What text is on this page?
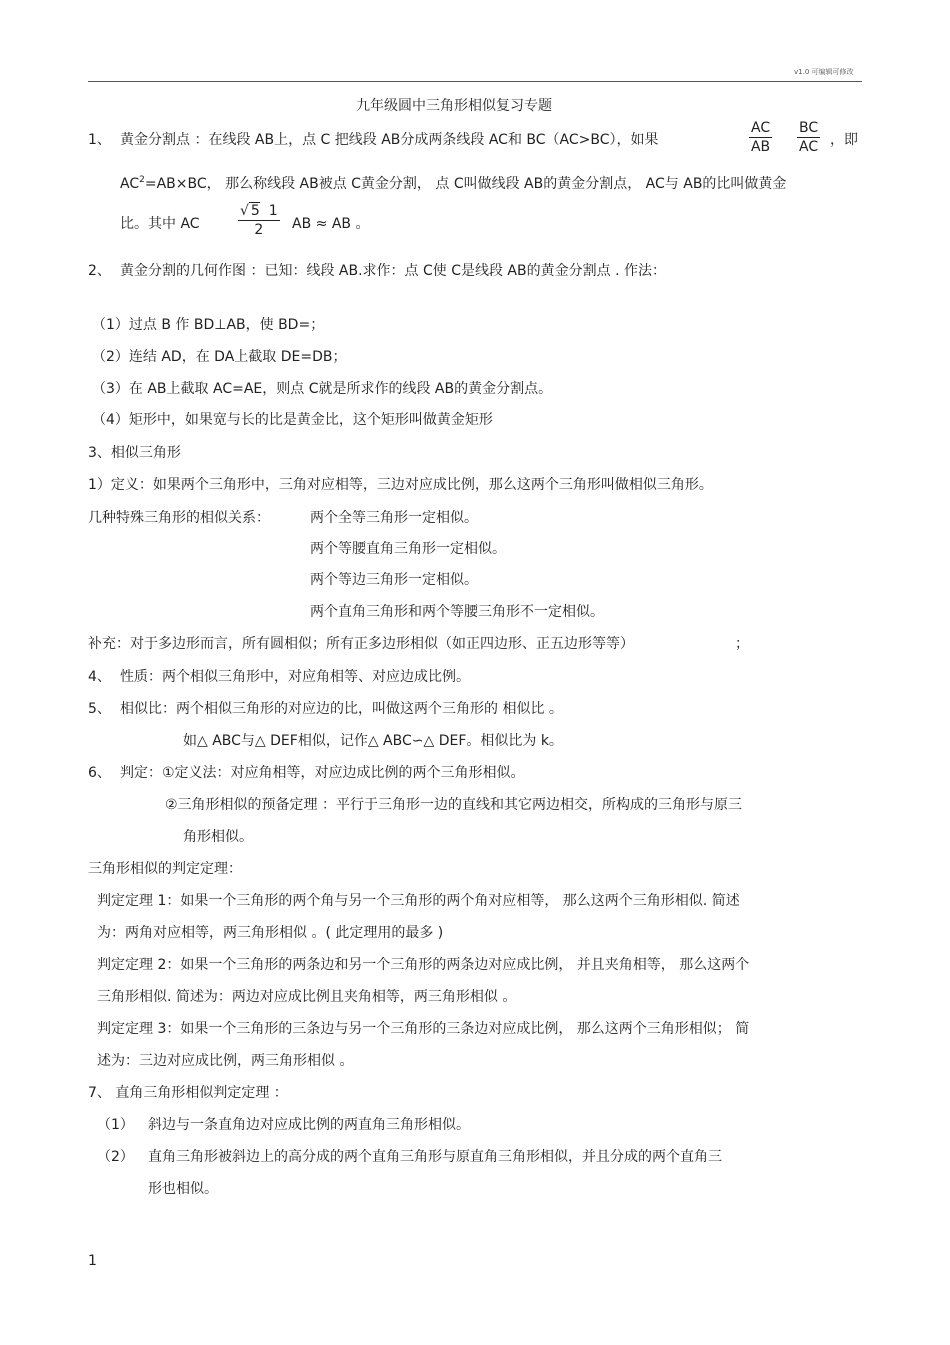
v1.0 可编辑可修改
九年级圆中三角形相似复习专题
1、 黄金分割点 ：在线段 AB上，点 C 把线段 AB分成两条线段 AC和 BC（AC>BC），如果	$\frac{AC}{AB} \frac{BC}{AC}$ ，即
$AC^2=AB\times BC$， 那么称线段 AB被点 C黄金分割， 点 C叫做线段 AB的黄金分割点， AC与 AB的比叫做黄金
比。其中 AC	$\frac{√ 5 1}{2}$ AB ≈ AB 。
2、 黄金分割的几何作图 ：已知：线段 AB.求作：点 C使 C是线段 AB的黄金分割点 . 作法：
（1）过点 B 作 BD⊥AB，使 BD=；
（2）连结 AD，在 DA上截取 DE=DB；
（3）在 AB上截取 AC=AE，则点 C就是所求作的线段 AB的黄金分割点。
（4）矩形中，如果宽与长的比是黄金比，这个矩形叫做黄金矩形
3、相似三角形
1）定义：如果两个三角形中，三角对应相等，三边对应成比例，那么这两个三角形叫做相似三角形。
几种特殊三角形的相似关系：	两个全等三角形一定相似。
两个等腰直角三角形一定相似。
两个等边三角形一定相似。
两个直角三角形和两个等腰三角形不一定相似。
补充：对于多边形而言，所有圆相似；所有正多边形相似（如正四边形、正五边形等等）	；
4、 性质：两个相似三角形中，对应角相等、对应边成比例。
5、 相似比：两个相似三角形的对应边的比，叫做这两个三角形的 相似比 。
如△ ABC与△ DEF相似，记作△ ABC∽△ DEF。相似比为 k。
6、 判定：①定义法：对应角相等，对应边成比例的两个三角形相似。
②三角形相似的预备定理 ：平行于三角形一边的直线和其它两边相交，所构成的三角形与原三
角形相似。
三角形相似的判定定理：
判定定理 1：如果一个三角形的两个角与另一个三角形的两个角对应相等， 那么这两个三角形相似. 简述
为：两角对应相等，两三角形相似 。( 此定理用的最多 )
判定定理 2：如果一个三角形的两条边和另一个三角形的两条边对应成比例， 并且夹角相等， 那么这两个
三角形相似. 简述为：两边对应成比例且夹角相等，两三角形相似 。
判定定理 3：如果一个三角形的三条边与另一个三角形的三条边对应成比例， 那么这两个三角形相似； 简
述为：三边对应成比例，两三角形相似 。
7、 直角三角形相似判定定理 ：
（1） 斜边与一条直角边对应成比例的两直角三角形相似。
（2） 直角三角形被斜边上的高分成的两个直角三角形与原直角三角形相似，并且分成的两个直角三
形也相似。
1
